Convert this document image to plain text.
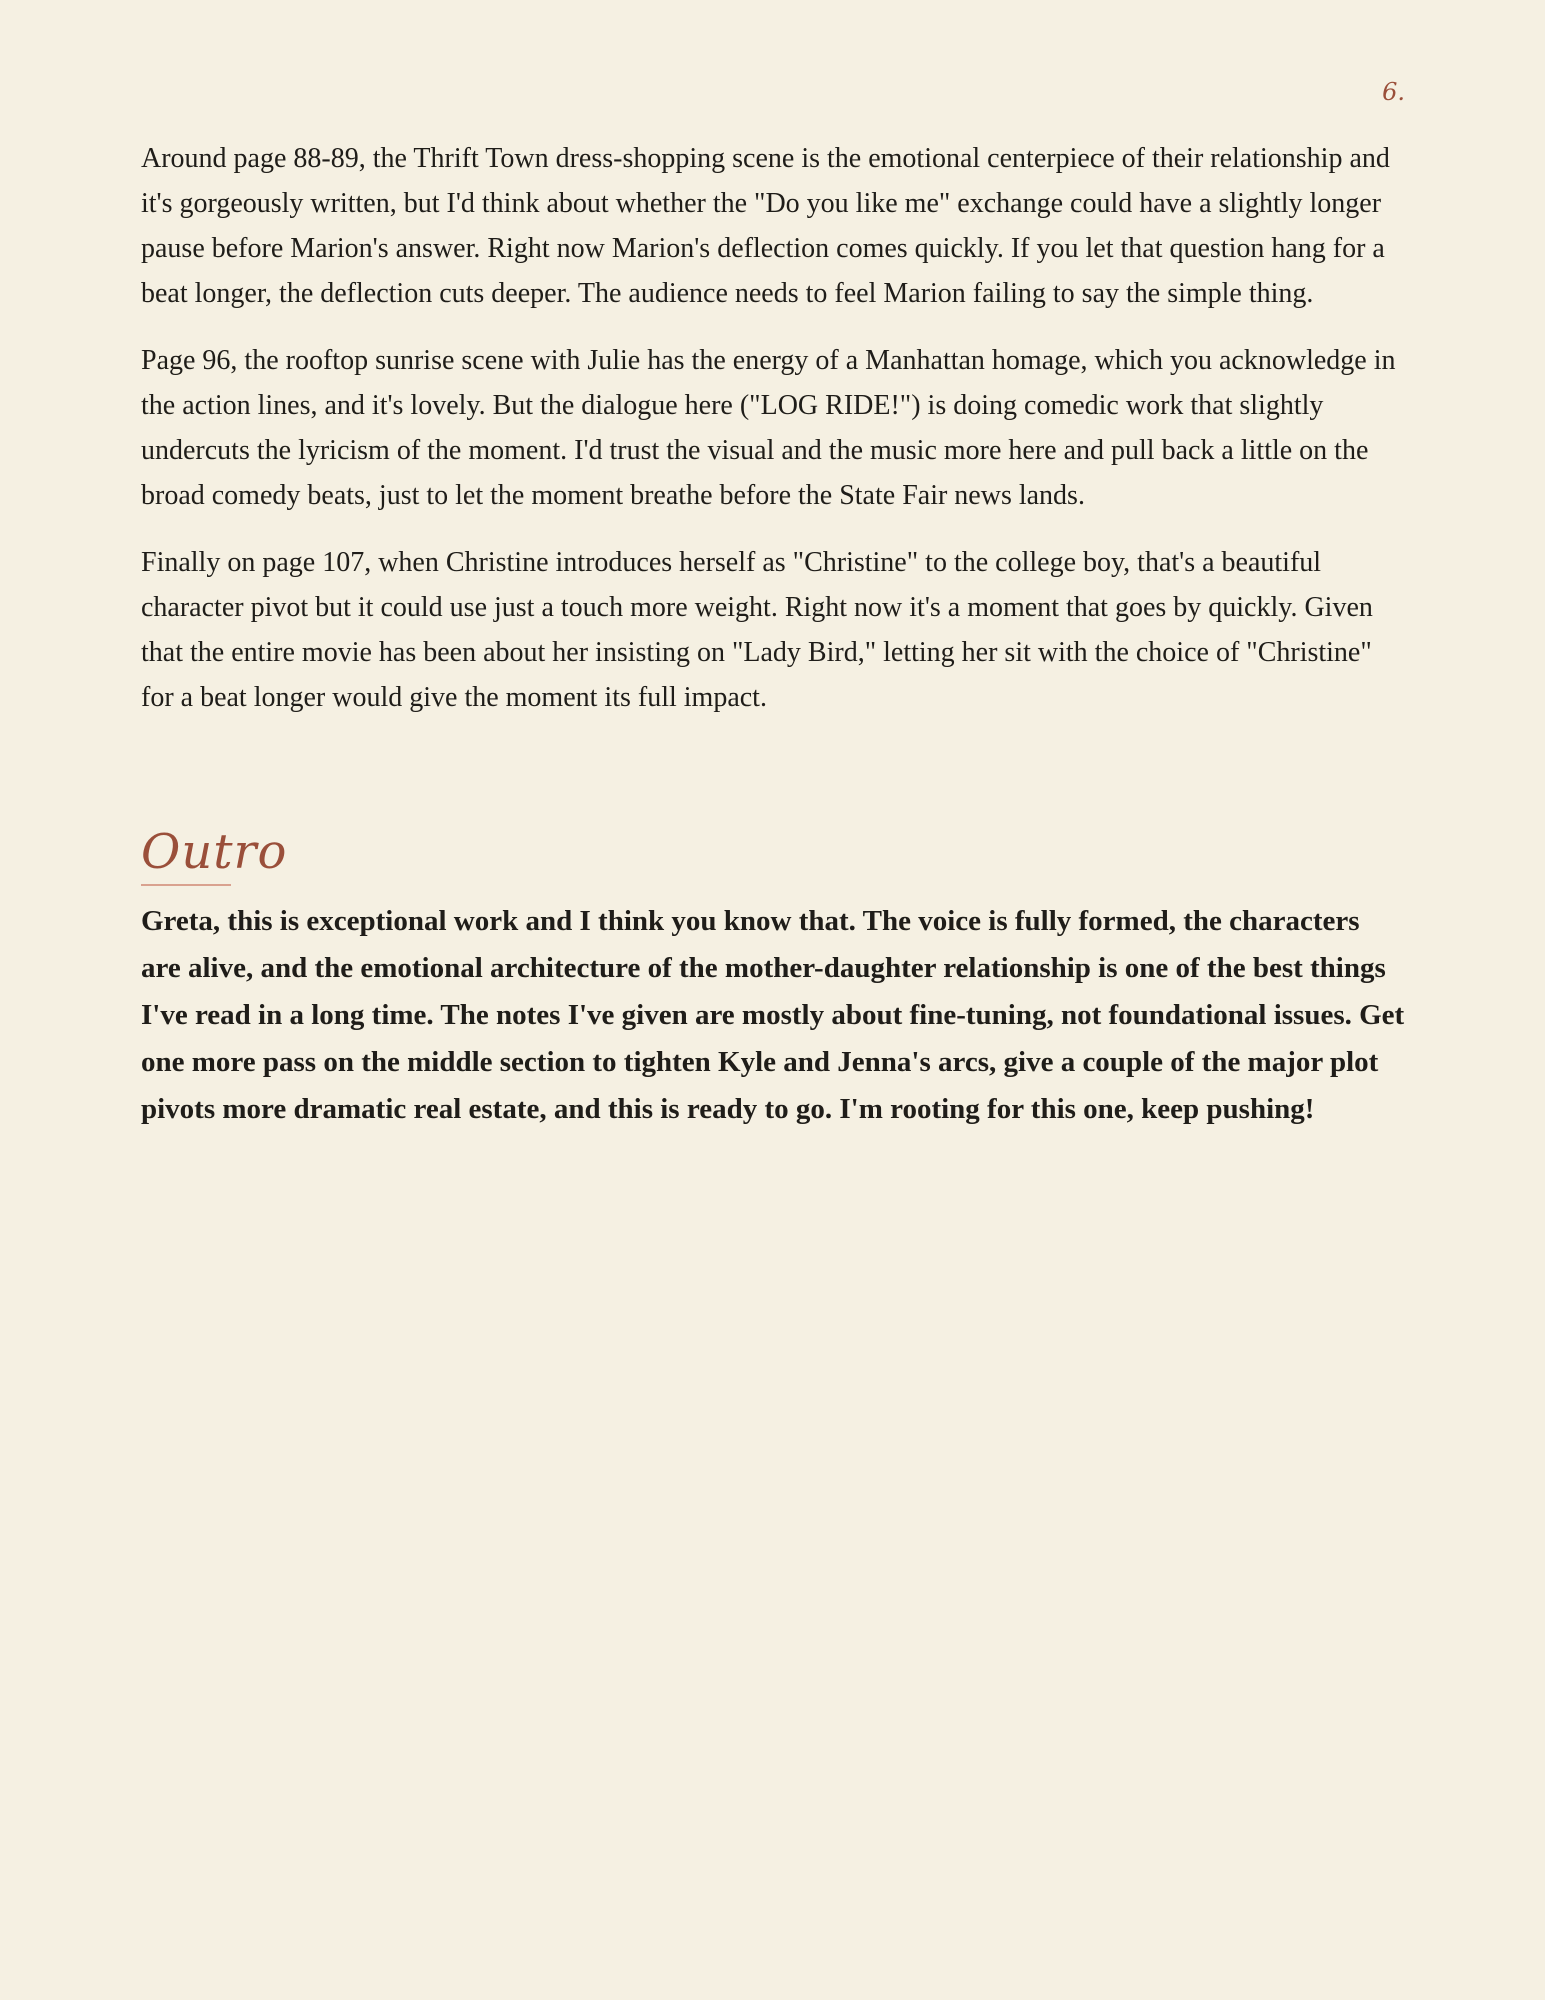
6.

Around page 88-89, the Thrift Town dress-shopping scene is the emotional centerpiece of their relationship and it's gorgeously written, but I'd think about whether the "Do you like me" exchange could have a slightly longer pause before Marion's answer. Right now Marion's deflection comes quickly. If you let that question hang for a beat longer, the deflection cuts deeper. The audience needs to feel Marion failing to say the simple thing.

Page 96, the rooftop sunrise scene with Julie has the energy of a Manhattan homage, which you acknowledge in the action lines, and it's lovely. But the dialogue here ("LOG RIDE!") is doing comedic work that slightly undercuts the lyricism of the moment. I'd trust the visual and the music more here and pull back a little on the broad comedy beats, just to let the moment breathe before the State Fair news lands.

Finally on page 107, when Christine introduces herself as "Christine" to the college boy, that's a beautiful character pivot but it could use just a touch more weight. Right now it's a moment that goes by quickly. Given that the entire movie has been about her insisting on "Lady Bird," letting her sit with the choice of "Christine" for a beat longer would give the moment its full impact.

Outro

Greta, this is exceptional work and I think you know that. The voice is fully formed, the characters are alive, and the emotional architecture of the mother-daughter relationship is one of the best things I've read in a long time. The notes I've given are mostly about fine-tuning, not foundational issues. Get one more pass on the middle section to tighten Kyle and Jenna's arcs, give a couple of the major plot pivots more dramatic real estate, and this is ready to go. I'm rooting for this one, keep pushing!
